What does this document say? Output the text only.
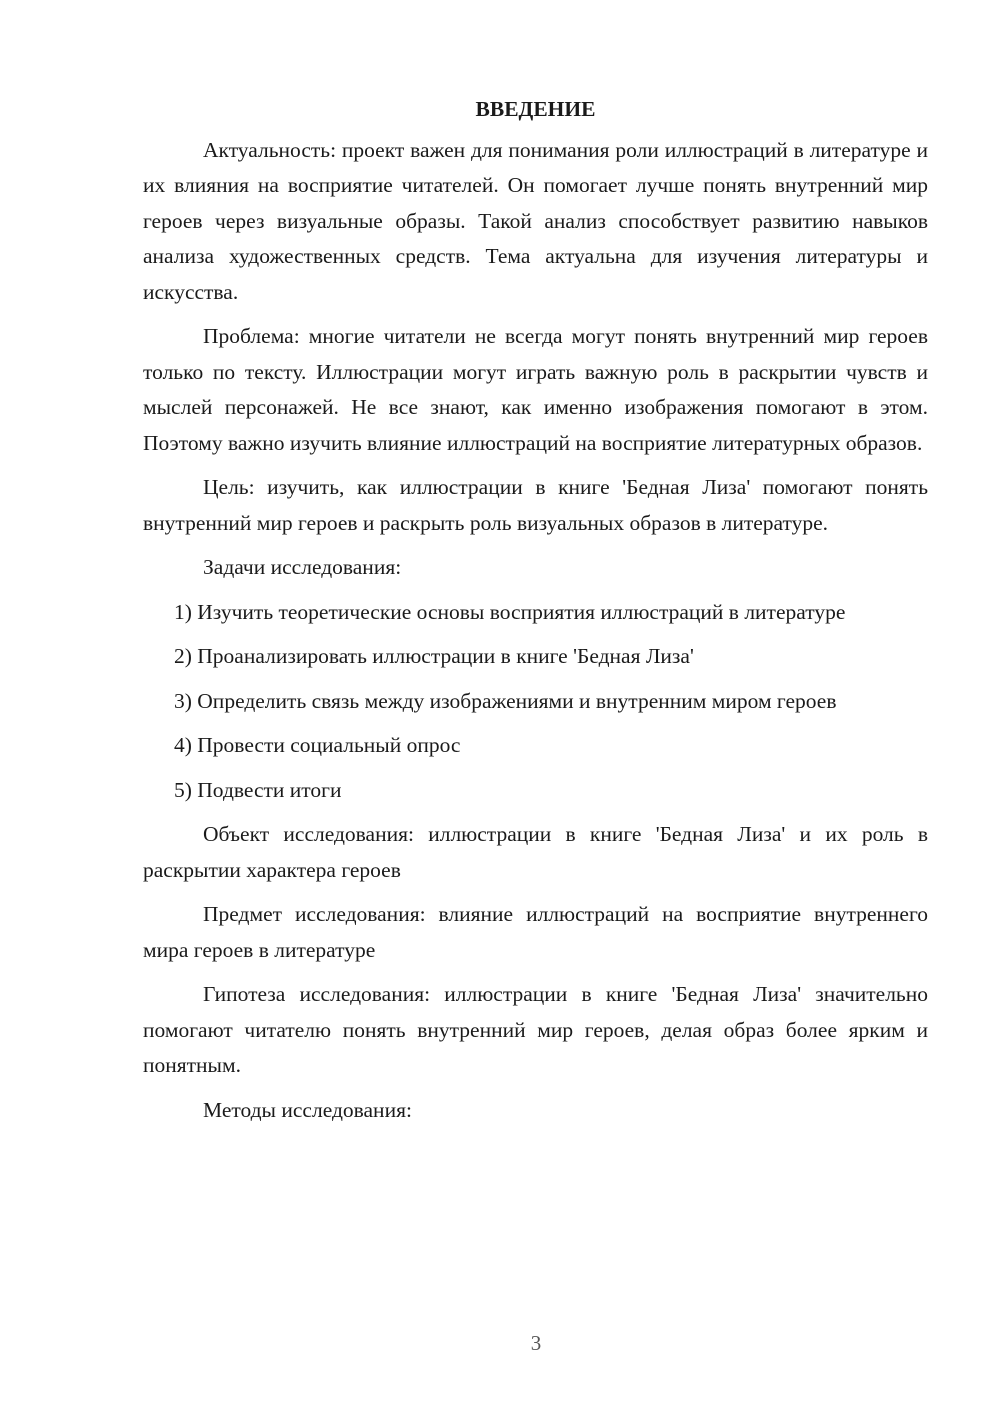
ВВЕДЕНИЕ

Актуальность: проект важен для понимания роли иллюстраций в литературе и их влияния на восприятие читателей. Он помогает лучше понять внутренний мир героев через визуальные образы. Такой анализ способствует развитию навыков анализа художественных средств. Тема актуальна для изучения литературы и искусства.

Проблема: многие читатели не всегда могут понять внутренний мир героев только по тексту. Иллюстрации могут играть важную роль в раскрытии чувств и мыслей персонажей. Не все знают, как именно изображения помогают в этом. Поэтому важно изучить влияние иллюстраций на восприятие литературных образов.

Цель: изучить, как иллюстрации в книге 'Бедная Лиза' помогают понять внутренний мир героев и раскрыть роль визуальных образов в литературе.

Задачи исследования:

1) Изучить теоретические основы восприятия иллюстраций в литературе

2) Проанализировать иллюстрации в книге 'Бедная Лиза'

3) Определить связь между изображениями и внутренним миром героев

4) Провести социальный опрос

5) Подвести итоги

Объект исследования: иллюстрации в книге 'Бедная Лиза' и их роль в раскрытии характера героев

Предмет исследования: влияние иллюстраций на восприятие внутреннего мира героев в литературе

Гипотеза исследования: иллюстрации в книге 'Бедная Лиза' значительно помогают читателю понять внутренний мир героев, делая образ более ярким и понятным.

Методы исследования:

3
